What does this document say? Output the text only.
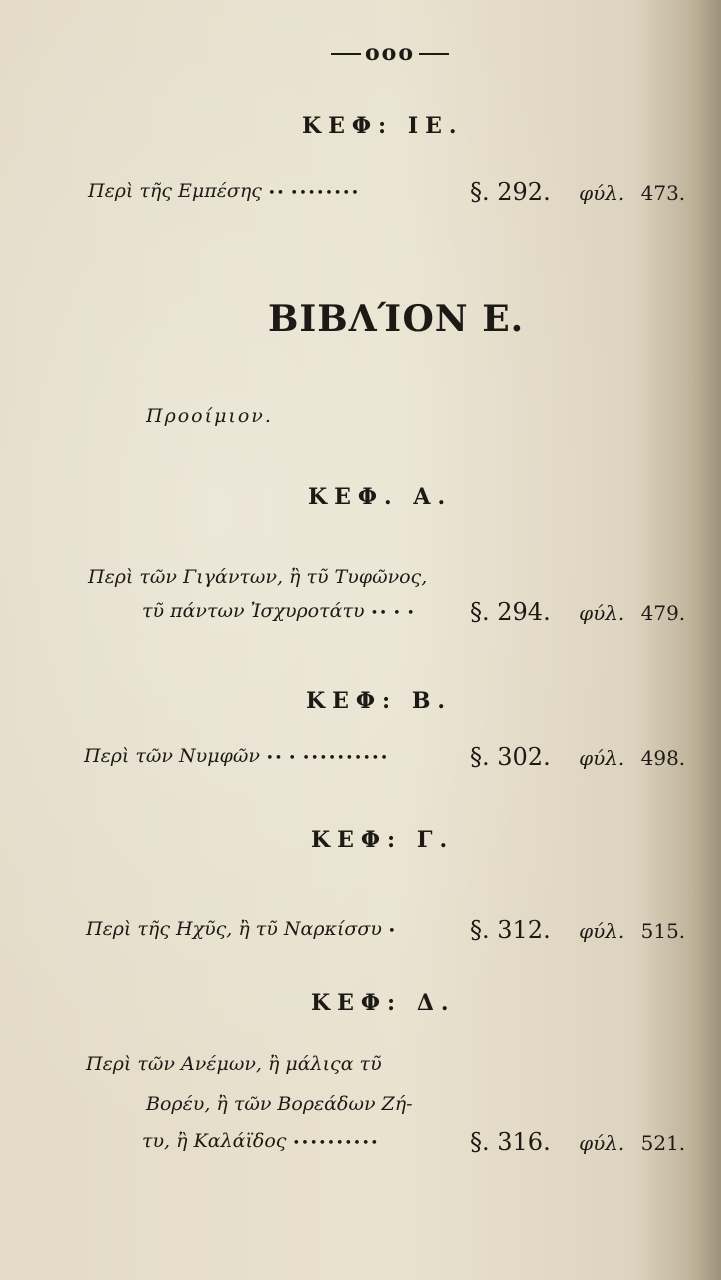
ooo
ΚΕΦ: ΙΕ.
Περὶ τῆς Εμπέσης •• ••••••••	§. 292. φύλ. 473.
BΙΒΛΊΟΝ Ε.
Προοίμιον.
ΚΕΦ. Α.
Περὶ τῶν Γιγάντων, ἢ τῦ Τυφῶνος,
τῦ πάντων Ἰσχυροτάτυ •• • • §. 294. φύλ. 479.
ΚΕΦ: Β.
Περὶ τῶν Νυμφῶν •• • ••••••••••	§. 302. φύλ. 498.
ΚΕΦ: Γ.
Περὶ τῆς Ηχῦς, ἢ τῦ Ναρκίσσυ •	§. 312. φύλ. 515.
ΚΕΦ: Δ.
Περὶ τῶν Ανέμων, ἢ μάλιςα τῦ
Βορέυ, ἢ τῶν Βορεάδων Ζή-
τυ, ἢ Καλάϊδος ••••••••••	§. 316. φύλ. 521.
